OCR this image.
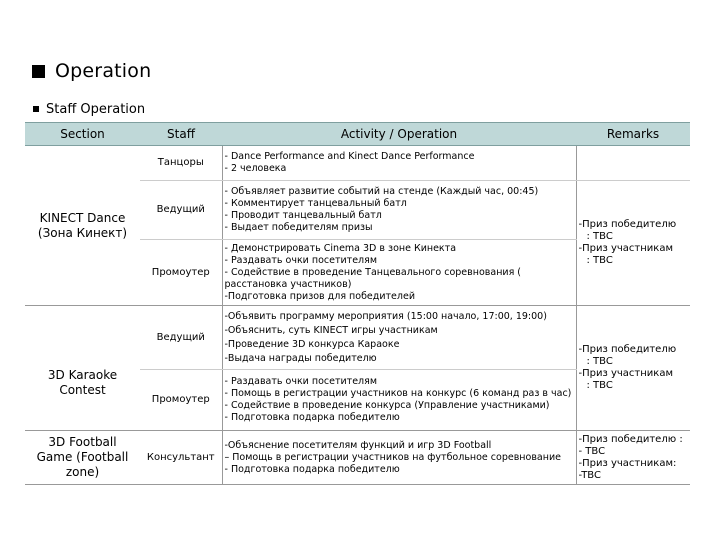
Operation
Staff Operation
Section	Staff	Activity / Operation	Remarks

KINECT Dance
(Зона Кинект)	Танцоры	- Dance Performance and Kinect Dance Performance
- 2 человека	

	Ведущий	- Объявляет развитие событий на стенде (Каждый час, 00:45)
- Комментирует танцевальный батл
- Проводит танцевальный батл
- Выдает победителям призы	-Приз победителю
: TBC
-Приз участникам
: TBC

	Промоутер	- Демонстрировать Cinema 3D в зоне Кинекта
- Раздавать очки посетителям
- Содействие в проведение Танцевального соревнования ( расстановка участников)
-Подготовка призов для победителей	

3D Karaoke
Contest	Ведущий	-Объявить программу мероприятия (15:00 начало, 17:00, 19:00)
-Объяснить, суть KINECT игры участникам
-Проведение 3D конкурса Караоке
-Выдача награды победителю	-Приз победителю
: TBC
-Приз участникам
: TBC

	Промоутер	- Раздавать очки посетителям
- Помощь в регистрации участников на конкурс (6 команд раз в час)
- Содействие в проведение конкурса (Управление участниками)
- Подготовка подарка победителю	

3D Football
Game (Football
zone)	Консультант	-Объяснение посетителям функций и игр 3D Football
– Помощь в регистрации участников на футбольное соревнование
- Подготовка подарка победителю	-Приз победителю :
- TBC
-Приз участникам:
-TBC
